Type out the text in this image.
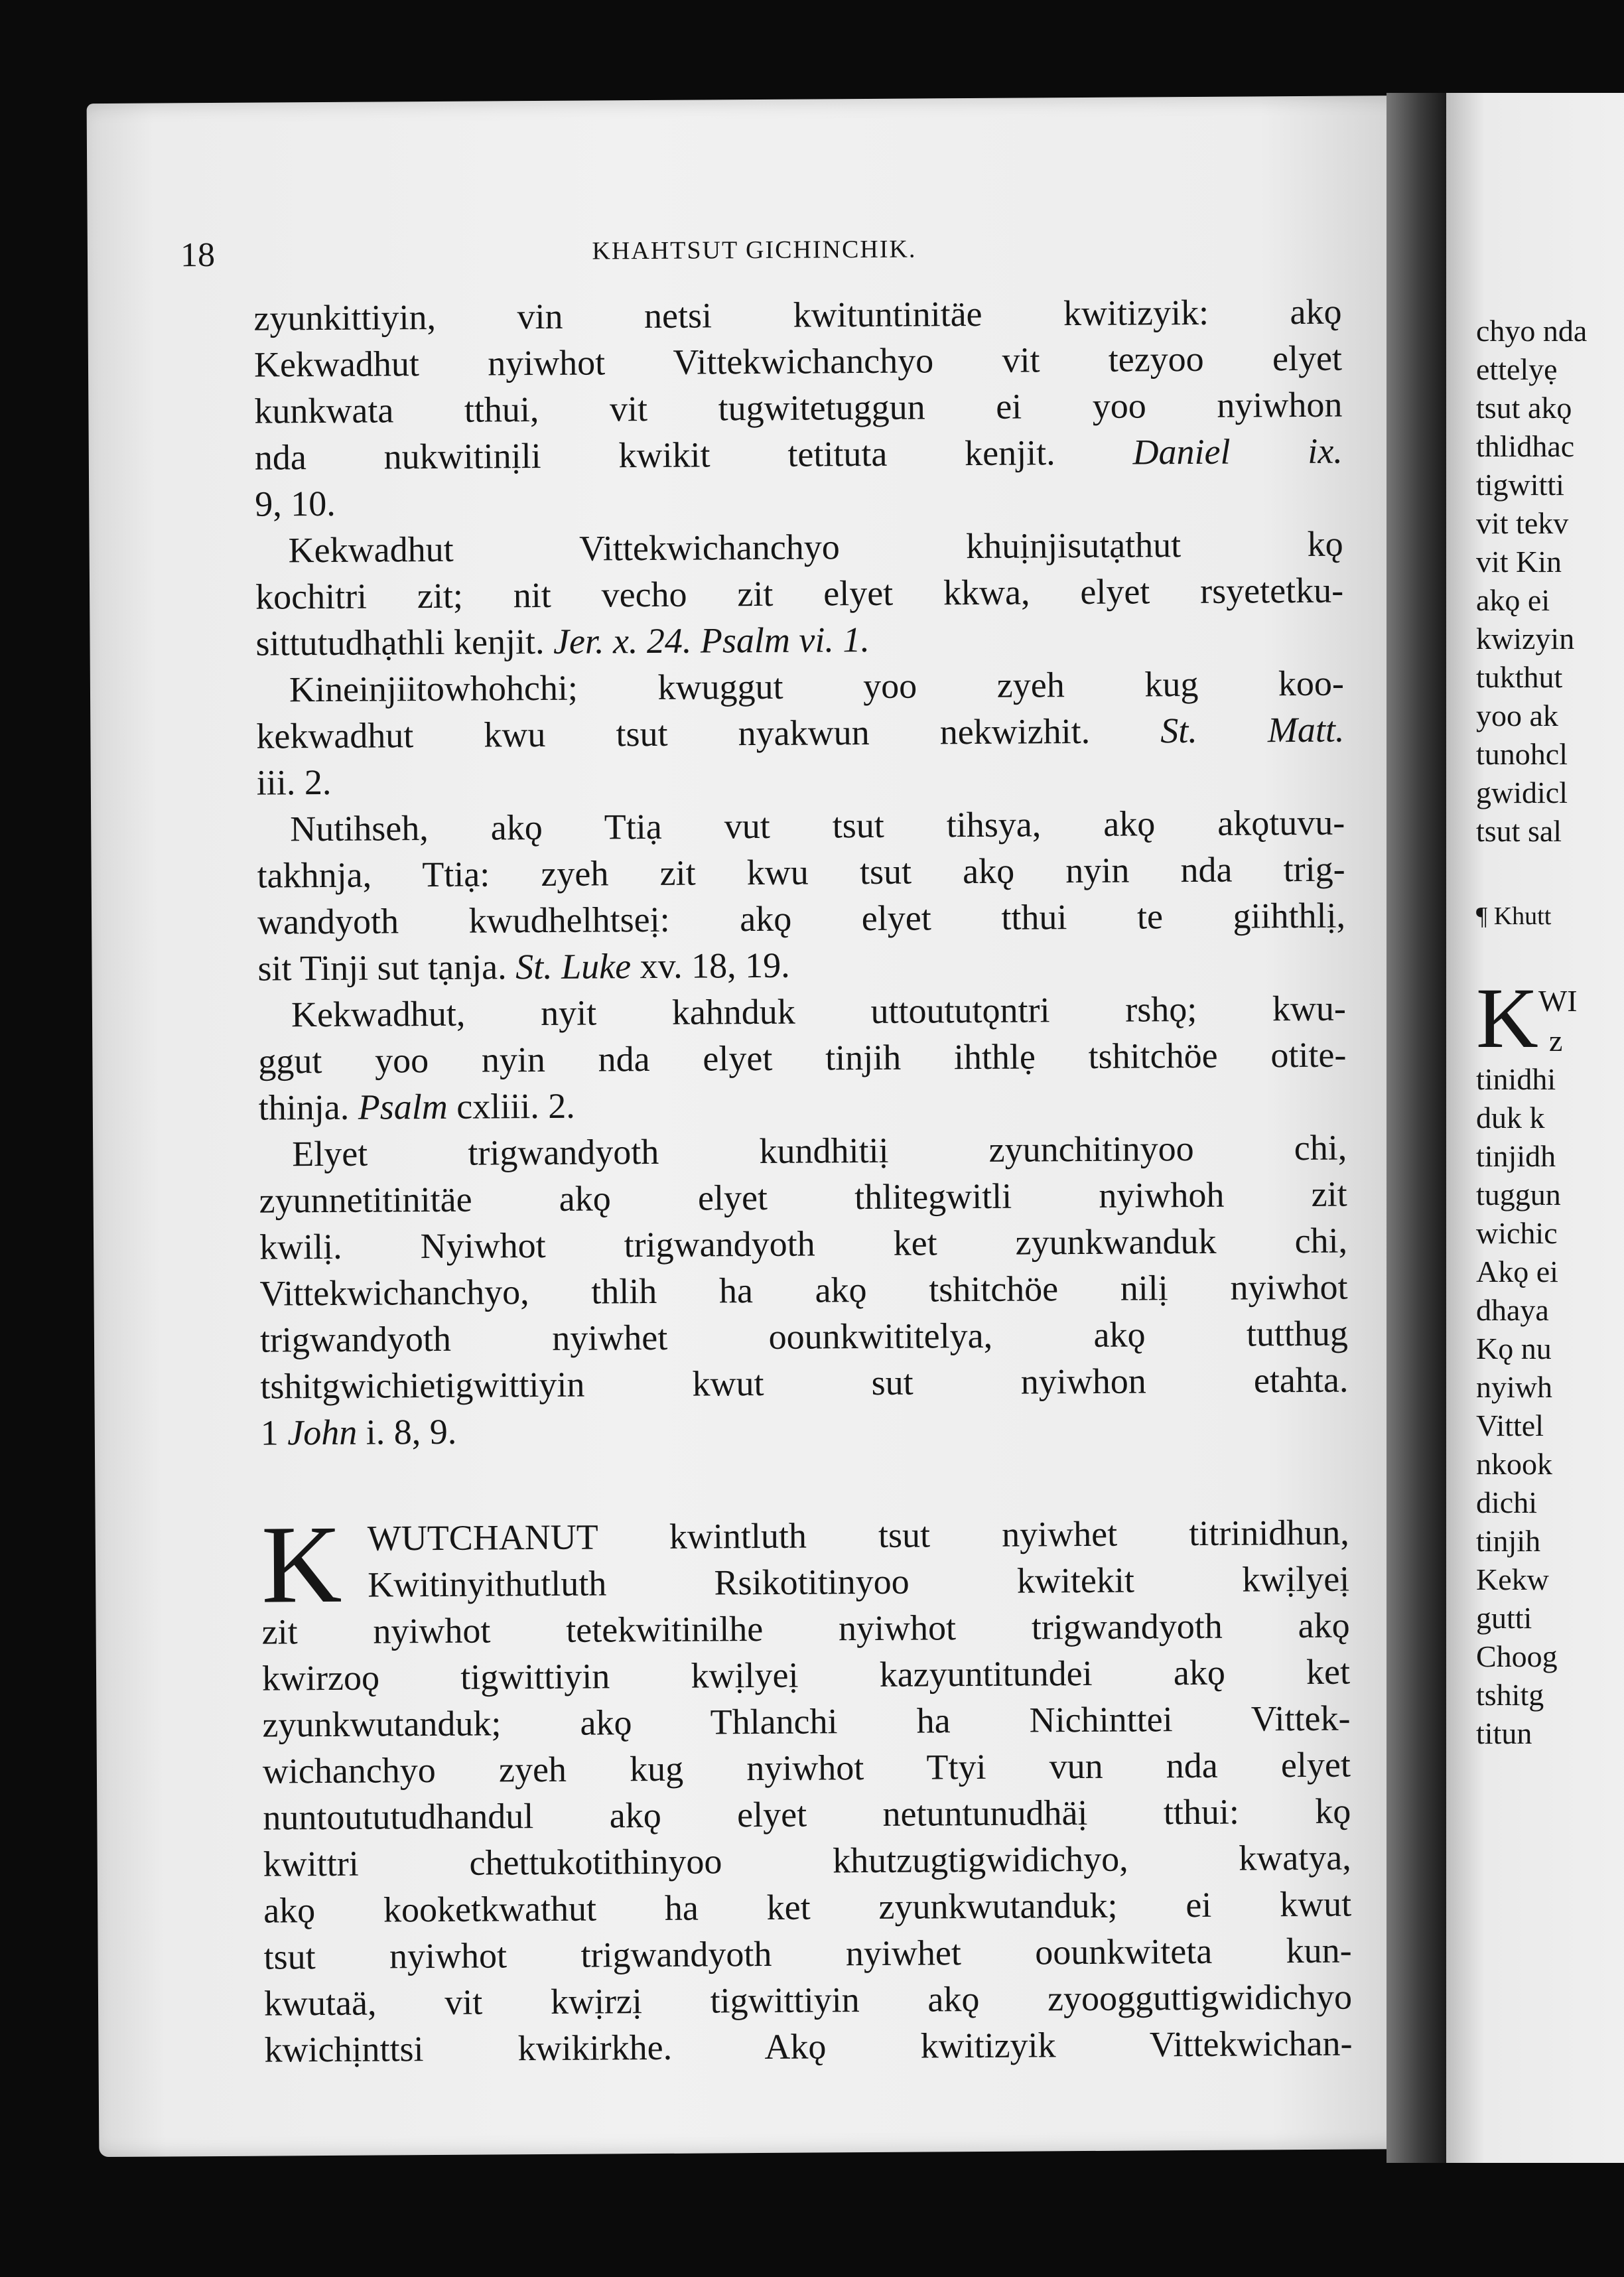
18	KHAHTSUT GICHINCHIK.
zyunkittiyin, vin netsi kwituntinitäe kwitizyik: akǫ
Kekwadhut nyiwhot Vittekwichanchyo vit tezyoo elyet
kunkwata tthui, vit tugwitetuggun ei yoo nyiwhon
nda nukwitinịli kwikit tetituta kenjit. Daniel ix.
9, 10.
Kekwadhut Vittekwichanchyo khuịnjisutạthut kǫ
kochitri zit; nit vecho zit elyet kkwa, elyet rsyetetku-
sittutudhạthli kenjit. Jer. x. 24. Psalm vi. 1.
Kineinjiitowhohchi; kwuggut yoo zyeh kug koo-
kekwadhut kwu tsut nyakwun nekwizhit. St. Matt.
iii. 2.
Nutihseh, akǫ Ttiạ vut tsut tihsya, akǫ akǫtuvu-
takhnja, Ttiạ: zyeh zit kwu tsut akǫ nyin nda trig-
wandyoth kwudhelhtseị: akǫ elyet tthui te giihthlị,
sit Tinji sut tạnja. St. Luke xv. 18, 19.
Kekwadhut, nyit kahnduk uttoututǫntri rshǫ; kwu-
ggut yoo nyin nda elyet tinjih ihthlẹ tshitchöe otite-
thinja. Psalm cxliii. 2.
Elyet trigwandyoth kundhitiị zyunchitinyoo chi,
zyunnetitinitäe akǫ elyet thlitegwitli nyiwhoh zit
kwilị. Nyiwhot trigwandyoth ket zyunkwanduk chi,
Vittekwichanchyo, thlih ha akǫ tshitchöe nilị nyiwhot
trigwandyoth nyiwhet oounkwititelya, akǫ tutthug
tshitgwichietigwittiyin kwut sut nyiwhon etahta.
1 John i. 8, 9.
K WUTCHANUT kwintluth tsut nyiwhet titrinidhun,
Kwitinyithutluth Rsikotitinyoo kwitekit kwịlyeị
zit nyiwhot tetekwitinilhe nyiwhot trigwandyoth akǫ
kwirzoǫ tigwittiyin kwịlyeị kazyuntitundei akǫ ket
zyunkwutanduk; akǫ Thlanchi ha Nichinttei Vittek-
wichanchyo zyeh kug nyiwhot Ttyi vun nda elyet
nuntoututudhandul akǫ elyet netuntunudhäị tthui: kǫ
kwittri chettukotithinyoo khutzugtigwidichyo, kwatya,
akǫ kooketkwathut ha ket zyunkwutanduk; ei kwut
tsut nyiwhot trigwandyoth nyiwhet oounkwiteta kun-
kwutaä, vit kwịrzị tigwittiyin akǫ zyoogguttigwidichyo
kwichịnttsi kwikirkhe. Akǫ kwitizyik Vittekwichan-
chyo nda
ettelyẹ
tsut akǫ
thlidhac
tigwitti
vit tekv
vit Kin
akǫ ei
kwizyin
tukthut
yoo ak
tunohcl
gwidicl
tsut sal
¶ Khutt
$K^{WI}$
z
tinidhi
duk k
tinjidh
tuggun
wichic
Akǫ ei
dhaya
Kǫ nu
nyiwh
Vittel
nkook
dichi
tinjih
Kekw
gutti
Choog
tshitg
titun
